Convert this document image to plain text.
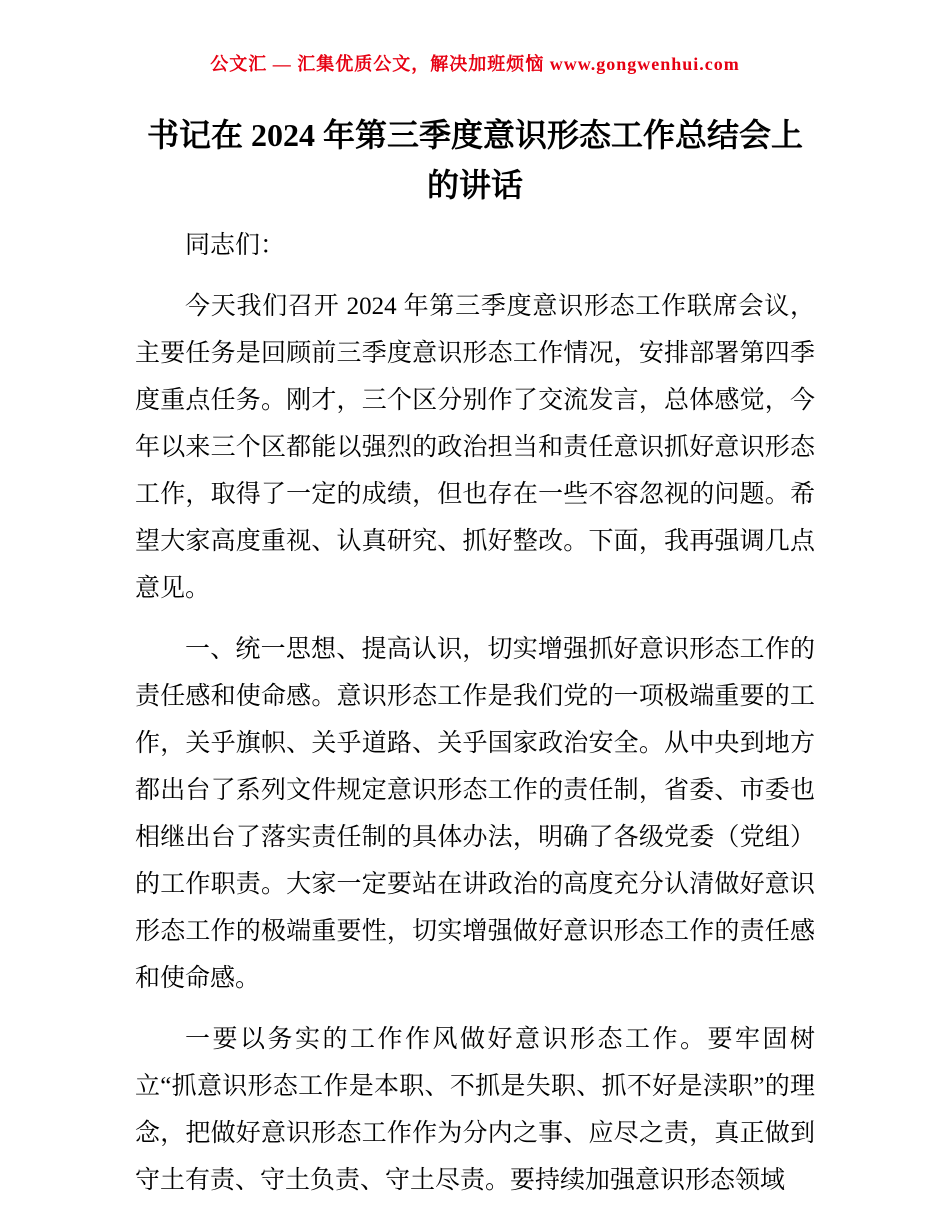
公文汇 — 汇集优质公文，解决加班烦恼 www.gongwenhui.com
书记在 2024 年第三季度意识形态工作总结会上的讲话

同志们：

今天我们召开 2024 年第三季度意识形态工作联席会议，主要任务是回顾前三季度意识形态工作情况，安排部署第四季度重点任务。刚才，三个区分别作了交流发言，总体感觉，今年以来三个区都能以强烈的政治担当和责任意识抓好意识形态工作，取得了一定的成绩，但也存在一些不容忽视的问题。希望大家高度重视、认真研究、抓好整改。下面，我再强调几点意见。

一、统一思想、提高认识，切实增强抓好意识形态工作的责任感和使命感。意识形态工作是我们党的一项极端重要的工作，关乎旗帜、关乎道路、关乎国家政治安全。从中央到地方都出台了系列文件规定意识形态工作的责任制，省委、市委也相继出台了落实责任制的具体办法，明确了各级党委（党组）的工作职责。大家一定要站在讲政治的高度充分认清做好意识形态工作的极端重要性，切实增强做好意识形态工作的责任感和使命感。

一要以务实的工作作风做好意识形态工作。要牢固树立“抓意识形态工作是本职、不抓是失职、抓不好是渎职”的理念，把做好意识形态工作作为分内之事、应尽之责，真正做到守土有责、守土负责、守土尽责。要持续加强意识形态领域
